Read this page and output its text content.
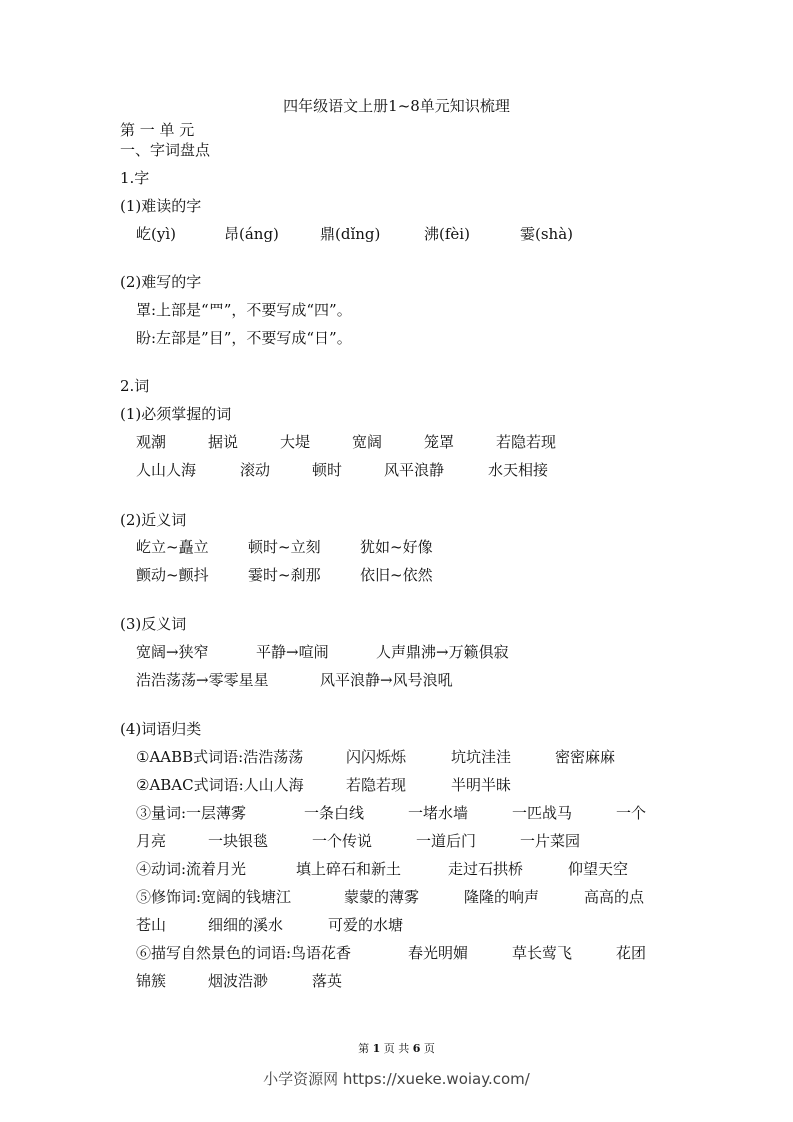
四年级语文上册1~8单元知识梳理
第 一 单 元
一、字词盘点
1.字
(1)难读的字
屹(yì)	昂(áng)	鼎(dǐng)	沸(fèi)	霎(shà)
(2)难写的字
罩:上部是“罒”，不要写成“四”。
盼:左部是”目”，不要写成“日”。
2.词
(1)必须掌握的词
观潮	据说	大堤	宽阔	笼罩	若隐若现
人山人海	滚动	顿时	风平浪静	水天相接
(2)近义词
屹立~矗立	顿时~立刻	犹如~好像
颤动~颤抖	霎时~刹那	依旧~依然
(3)反义词
宽阔→狭窄	平静→喧闹	人声鼎沸→万籁俱寂
浩浩荡荡→零零星星	风平浪静→风号浪吼
(4)词语归类
①AABB式词语:浩浩荡荡	闪闪烁烁	坑坑洼洼	密密麻麻
②ABAC式词语:人山人海	若隐若现	半明半昧
③量词:一层薄雾	一条白线	一堵水墙	一匹战马	一个
月亮	一块银毯	一个传说	一道后门	一片菜园
④动词:流着月光	填上碎石和新土	走过石拱桥	仰望天空
⑤修饰词:宽阔的钱塘江	蒙蒙的薄雾	隆隆的响声	高高的点
苍山	细细的溪水	可爱的水塘
⑥描写自然景色的词语:鸟语花香	春光明媚	草长莺飞	花团
锦簇	烟波浩渺	落英
第 1 页 共 6 页
小学资源网 https://xueke.woiay.com/
